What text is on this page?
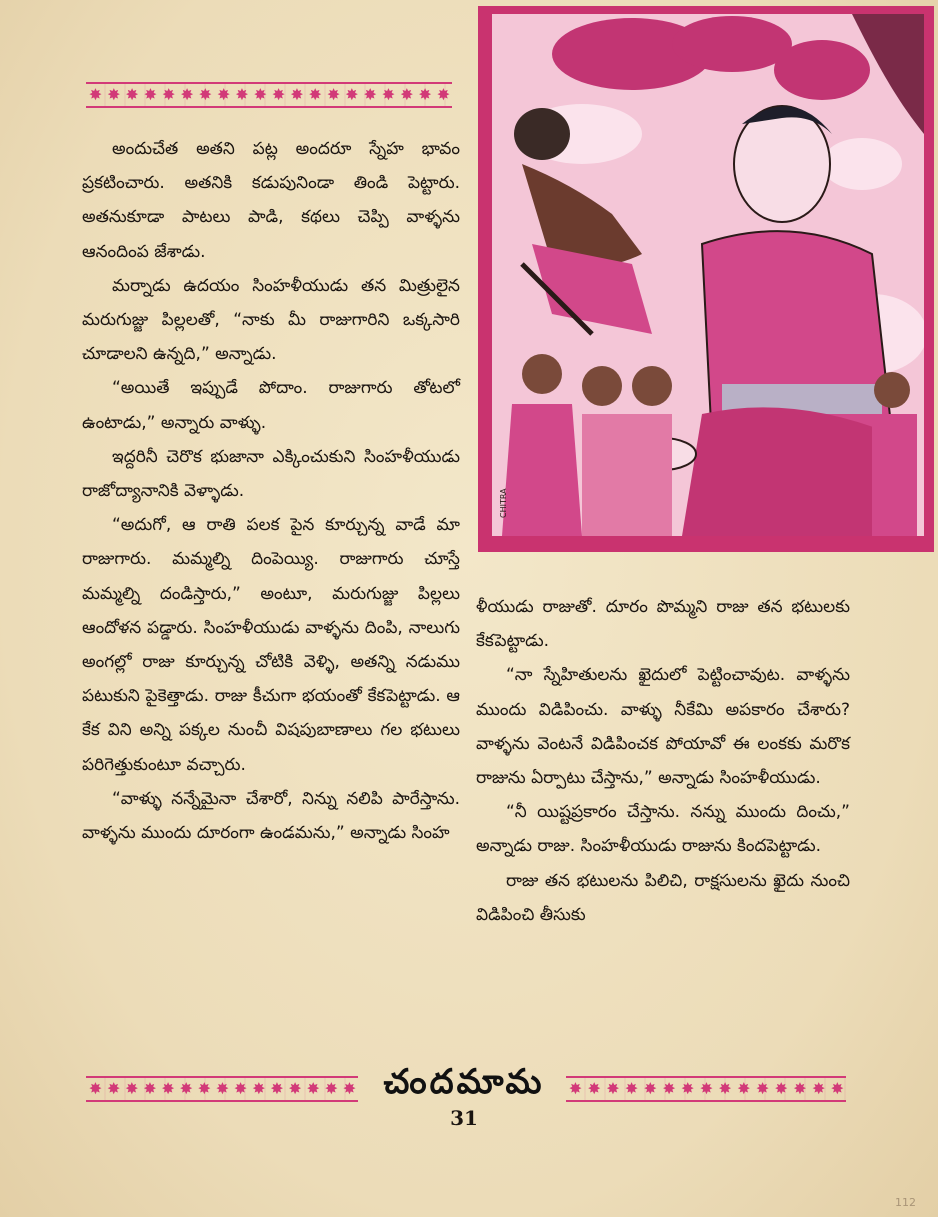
✸ ✸ ✸ ✸ ✸ ✸ ✸ ✸ ✸ ✸ ✸ ✸ ✸ ✸ ✸ ✸ ✸ ✸ ✸ ✸

అందుచేత అతని పట్ల అందరూ స్నేహ భావం ప్రకటించారు. అతనికి కడుపునిండా తిండి పెట్టారు. అతనుకూడా పాటలు పాడి, కథలు చెప్పి వాళ్ళను ఆనందింప జేశాడు.

మర్నాడు ఉదయం సింహళీయుడు తన మిత్రులైన మరుగుజ్జు పిల్లలతో, “నాకు మీ రాజుగారిని ఒక్కసారి చూడాలని ఉన్నది,” అన్నాడు.

“అయితే ఇప్పుడే పోదాం. రాజుగారు తోటలో ఉంటాడు,” అన్నారు వాళ్ళు.

ఇద్దరినీ చెరొక భుజానా ఎక్కించుకుని సింహళీయుడు రాజోద్యానానికి వెళ్ళాడు.

“అదుగో, ఆ రాతి పలక పైన కూర్చున్న వాడే మా రాజుగారు. మమ్మల్ని దింపెయ్యి. రాజుగారు చూస్తే మమ్మల్ని దండిస్తారు,” అంటూ, మరుగుజ్జు పిల్లలు ఆందోళన పడ్డారు. సింహళీయుడు వాళ్ళను దింపి, నాలుగు అంగల్లో రాజు కూర్చున్న చోటికి వెళ్ళి, అతన్ని నడుము పటుకుని పైకెత్తాడు. రాజు కీచుగా భయంతో కేకపెట్టాడు. ఆ కేక విని అన్ని పక్కల నుంచీ విషపుబాణాలు గల భటులు పరిగెత్తుకుంటూ వచ్చారు.

“వాళ్ళు నన్నేమైనా చేశారో, నిన్ను నలిపి పారేస్తాను. వాళ్ళను ముందు దూరంగా ఉండమను,” అన్నాడు సింహ

CHITRA

ళీయుడు రాజుతో. దూరం పొమ్మని రాజు తన భటులకు కేకపెట్టాడు.

“నా స్నేహితులను ఖైదులో పెట్టించావుట. వాళ్ళను ముందు విడిపించు. వాళ్ళు నీకేమి అపకారం చేశారు? వాళ్ళను వెంటనే విడిపించక పోయావో ఈ లంకకు మరొక రాజును ఏర్పాటు చేస్తాను,” అన్నాడు సింహళీయుడు.

“నీ యిష్టప్రకారం చేస్తాను. నన్ను ముందు దించు,” అన్నాడు రాజు. సింహళీయుడు రాజును కిందపెట్టాడు.

రాజు తన భటులను పిలిచి, రాక్షసులను ఖైదు నుంచి విడిపించి తీసుకు

✸ ✸ ✸ ✸ ✸ ✸ ✸ ✸ ✸ ✸ ✸ ✸ ✸ ✸ ✸ చందమామ	✸ ✸ ✸ ✸ ✸ ✸ ✸ ✸ ✸ ✸ ✸ ✸ ✸ ✸ ✸
31
112
